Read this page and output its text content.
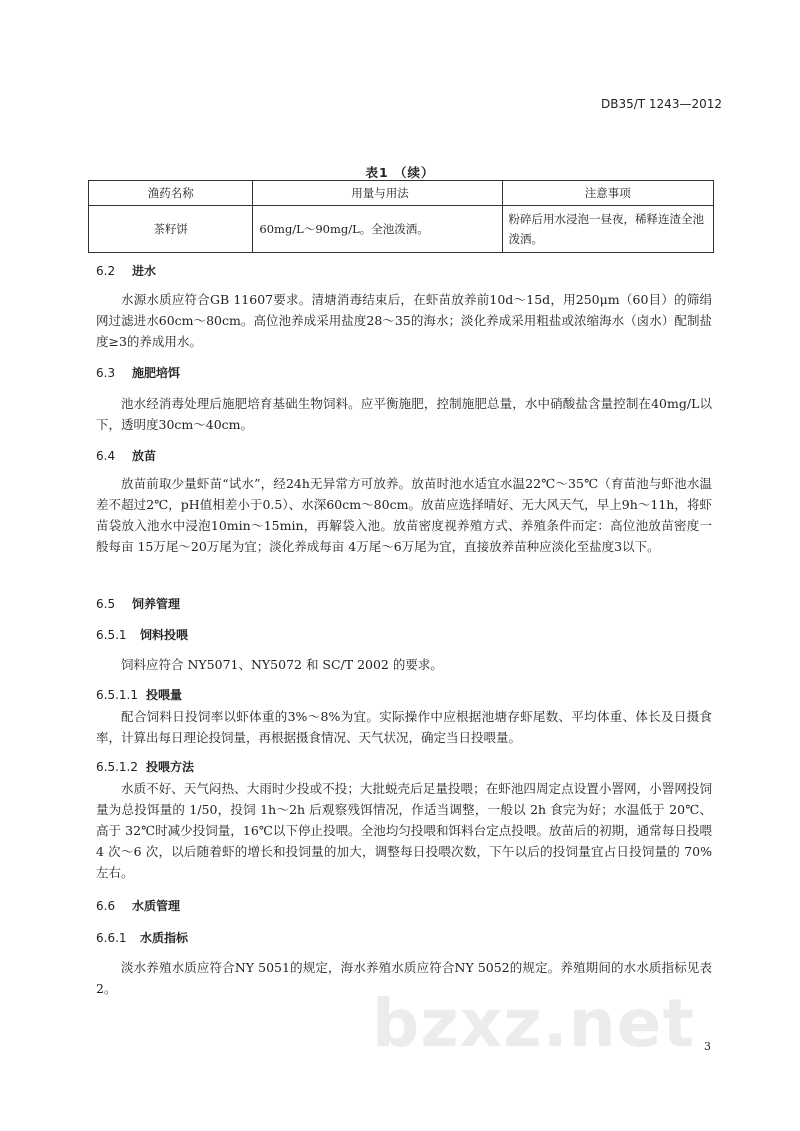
DB35/T 1243—2012
表1 （续）
渔药名称	用量与用法	注意事项
茶籽饼	60mg/L～90mg/L。全池泼洒。	粉碎后用水浸泡一昼夜，稀释连渣全池泼洒。
6.2 进水
水源水质应符合GB 11607要求。清塘消毒结束后，在虾苗放养前10d～15d，用250μm（60目）的筛绢网过滤进水60cm～80cm。高位池养成采用盐度28～35的海水；淡化养成采用粗盐或浓缩海水（卤水）配制盐度≥3的养成用水。
6.3 施肥培饵
池水经消毒处理后施肥培育基础生物饲料。应平衡施肥，控制施肥总量，水中硝酸盐含量控制在40mg/L以下，透明度30cm～40cm。
6.4 放苗
放苗前取少量虾苗“试水”，经24h无异常方可放养。放苗时池水适宜水温22℃～35℃（育苗池与虾池水温差不超过2℃，pH值相差小于0.5）、水深60cm～80cm。放苗应选择晴好、无大风天气，早上9h～11h，将虾苗袋放入池水中浸泡10min～15min，再解袋入池。放苗密度视养殖方式、养殖条件而定：高位池放苗密度一般每亩 15万尾～20万尾为宜；淡化养成每亩 4万尾～6万尾为宜，直接放养苗种应淡化至盐度3以下。
6.5 饲养管理
6.5.1 饲料投喂
饲料应符合 NY5071、NY5072 和 SC/T 2002 的要求。
6.5.1.1 投喂量
配合饲料日投饲率以虾体重的3%～8%为宜。实际操作中应根据池塘存虾尾数、平均体重、体长及日摄食率，计算出每日理论投饲量，再根据摄食情况、天气状况，确定当日投喂量。
6.5.1.2 投喂方法
水质不好、天气闷热、大雨时少投或不投；大批蜕壳后足量投喂；在虾池四周定点设置小罯网，小罯网投饲量为总投饵量的 1/50，投饲 1h～2h 后观察残饵情况，作适当调整，一般以 2h 食完为好；水温低于 20℃、高于 32℃时减少投饲量，16℃以下停止投喂。全池均匀投喂和饵料台定点投喂。放苗后的初期，通常每日投喂 4 次～6 次，以后随着虾的增长和投饲量的加大，调整每日投喂次数，下午以后的投饲量宜占日投饲量的 70%左右。
6.6 水质管理
6.6.1 水质指标
淡水养殖水质应符合NY 5051的规定，海水养殖水质应符合NY 5052的规定。养殖期间的水水质指标见表2。	bzxz.net 3
